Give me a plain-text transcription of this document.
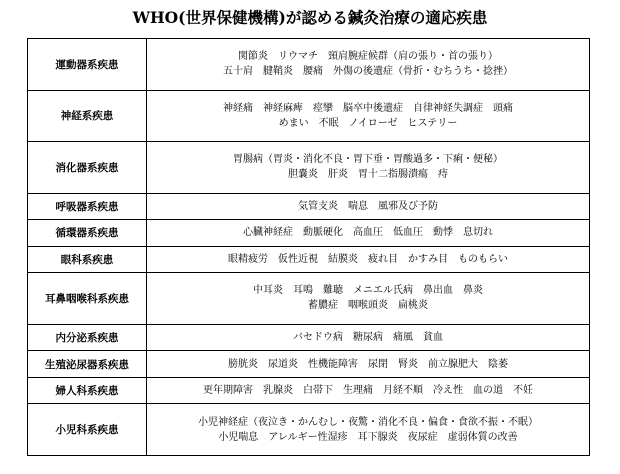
WHO(世界保健機構)が認める鍼灸治療の適応疾患
運動器系疾患	関節炎　リウマチ　頸肩腕症候群（肩の張り・首の張り）
五十肩　腱鞘炎　腰痛　外傷の後遺症（骨折・むちうち・捻挫）

神経系疾患	神経痛　神経麻痺　痙攣　脳卒中後遺症　自律神経失調症　頭痛
めまい　不眠　ノイローゼ　ヒステリー

消化器系疾患	胃腸病（胃炎・消化不良・胃下垂・胃酸過多・下痢・便秘）
胆嚢炎　肝炎　胃十二指腸潰瘍　痔

呼吸器系疾患	気管支炎　喘息　風邪及び予防

循環器系疾患	心臓神経症　動脈硬化　高血圧　低血圧　動悸　息切れ

眼科系疾患	眼精疲労　仮性近視　結膜炎　疲れ目　かすみ目　ものもらい

耳鼻咽喉科系疾患	中耳炎　耳鳴　難聴　メニエル氏病　鼻出血　鼻炎
蓄膿症　咽喉頭炎　扁桃炎

内分泌系疾患	バセドウ病　糖尿病　痛風　貧血

生殖泌尿器系疾患	膀胱炎　尿道炎　性機能障害　尿閉　腎炎　前立腺肥大　陰萎

婦人科系疾患	更年期障害　乳腺炎　白帯下　生理痛　月経不順　冷え性　血の道　不妊

小児科系疾患	小児神経症（夜泣き・かんむし・夜驚・消化不良・偏食・食欲不振・不眠）
小児喘息　アレルギー性湿疹　耳下腺炎　夜尿症　虚弱体質の改善
